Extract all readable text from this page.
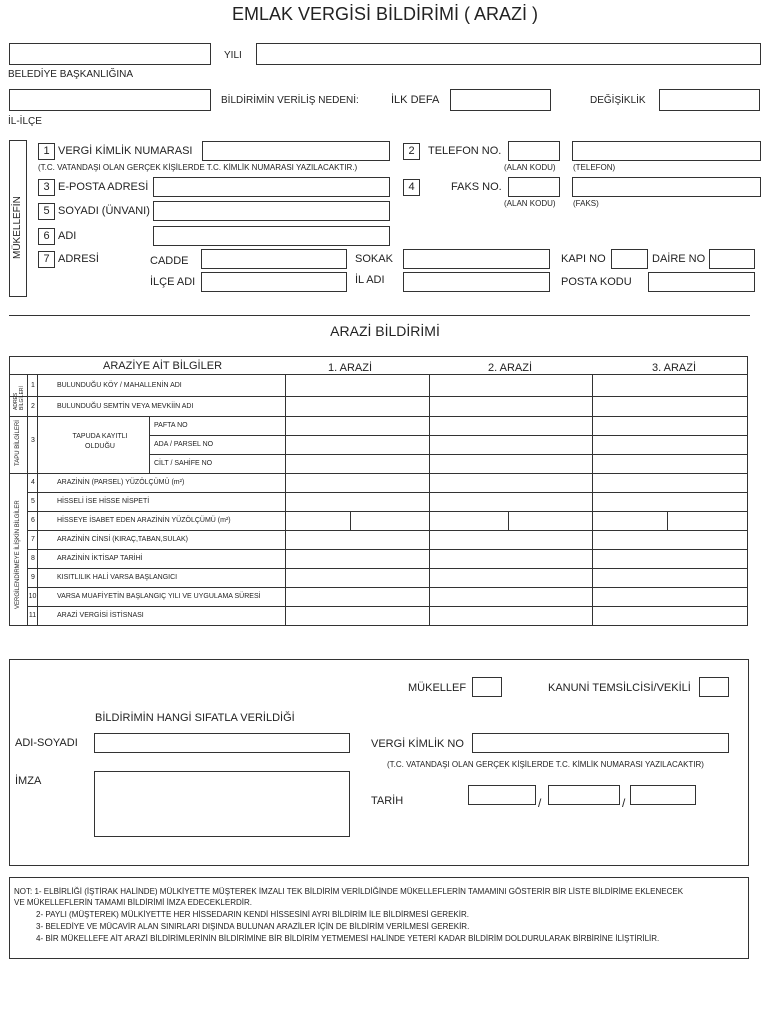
EMLAK VERGİSİ BİLDİRİMİ ( ARAZİ )
YILI
BELEDİYE BAŞKANLIĞINA
BİLDİRİMİN VERİLİŞ NEDENİ:	İLK DEFA	DEĞİŞİKLİK
İL-İLÇE
MÜKELLEFİN
1 VERGİ KİMLİK NUMARASI
(T.C. VATANDAŞI OLAN GERÇEK KİŞİLERDE T.C. KİMLİK NUMARASI YAZILACAKTIR.)
2	TELEFON NO.
(ALAN KODU) (TELEFON)
3 E-POSTA ADRESİ	4	FAKS NO.
(ALAN KODU) (FAKS)
5 SOYADI (ÜNVANI)
6 ADI
7 ADRESİ	CADDE	SOKAK	KAPI NO	DAİRE NO
İLÇE ADI	İL ADI	POSTA KODU
ARAZİ BİLDİRİMİ
ARAZİYE AİT BİLGİLER	1. ARAZİ	2. ARAZİ	3. ARAZİ
ADRES BİLGİLERİ
TAPU BİLGİLERİ
VERGİLENDİRMEYE İLİŞKİN BİLGİLER
1	BULUNDUĞU KÖY / MAHALLENİN ADI
2	BULUNDUĞU SEMTİN VEYA MEVKİİN ADI
3
TAPUDA KAYITLI OLDUĞU
PAFTA NO
ADA / PARSEL NO
CİLT / SAHİFE NO
4	ARAZİNİN (PARSEL) YÜZÖLÇÜMÜ (m²)
5	HİSSELİ İSE HİSSE NİSPETİ
6	HİSSEYE İSABET EDEN ARAZİNİN YÜZÖLÇÜMÜ (m²)
7	ARAZİNİN CİNSİ (KIRAÇ,TABAN,SULAK)
8	ARAZİNİN İKTİSAP TARİHİ
9	KISITLILIK HALİ VARSA BAŞLANGICI
10	VARSA MUAFİYETİN BAŞLANGIÇ YILI VE UYGULAMA SÜRESİ
11	ARAZİ VERGİSİ İSTİSNASI
MÜKELLEF	KANUNİ TEMSİLCİSİ/VEKİLİ
BİLDİRİMİN HANGİ SIFATLA VERİLDİĞİ
ADI-SOYADI	VERGİ KİMLİK NO
(T.C. VATANDAŞI OLAN GERÇEK KİŞİLERDE T.C. KİMLİK NUMARASI YAZILACAKTIR)
İMZA
TARİH	/	/
NOT: 1- ELBİRLİĞİ (İŞTİRAK HALİNDE) MÜLKİYETTE MÜŞTEREK İMZALI TEK BİLDİRİM VERİLDİĞİNDE MÜKELLEFLERİN TAMAMINI GÖSTERİR BİR LİSTE BİLDİRİME EKLENECEK
VE MÜKELLEFLERİN TAMAMI BİLDİRİMİ İMZA EDECEKLERDİR.
2- PAYLI (MÜŞTEREK) MÜLKİYETTE HER HİSSEDARIN KENDİ HİSSESİNİ AYRI BİLDİRİM İLE BİLDİRMESİ GEREKİR.
3- BELEDİYE VE MÜCAVİR ALAN SINIRLARI DIŞINDA BULUNAN ARAZİLER İÇİN DE BİLDİRİM VERİLMESİ GEREKİR.
4- BİR MÜKELLEFE AİT ARAZİ BİLDİRİMLERİNİN BİLDİRİMİNE BİR BİLDİRİM YETMEMESİ HALİNDE YETERİ KADAR BİLDİRİM DOLDURULARAK BİRBİRİNE İLİŞTİRİLİR.
